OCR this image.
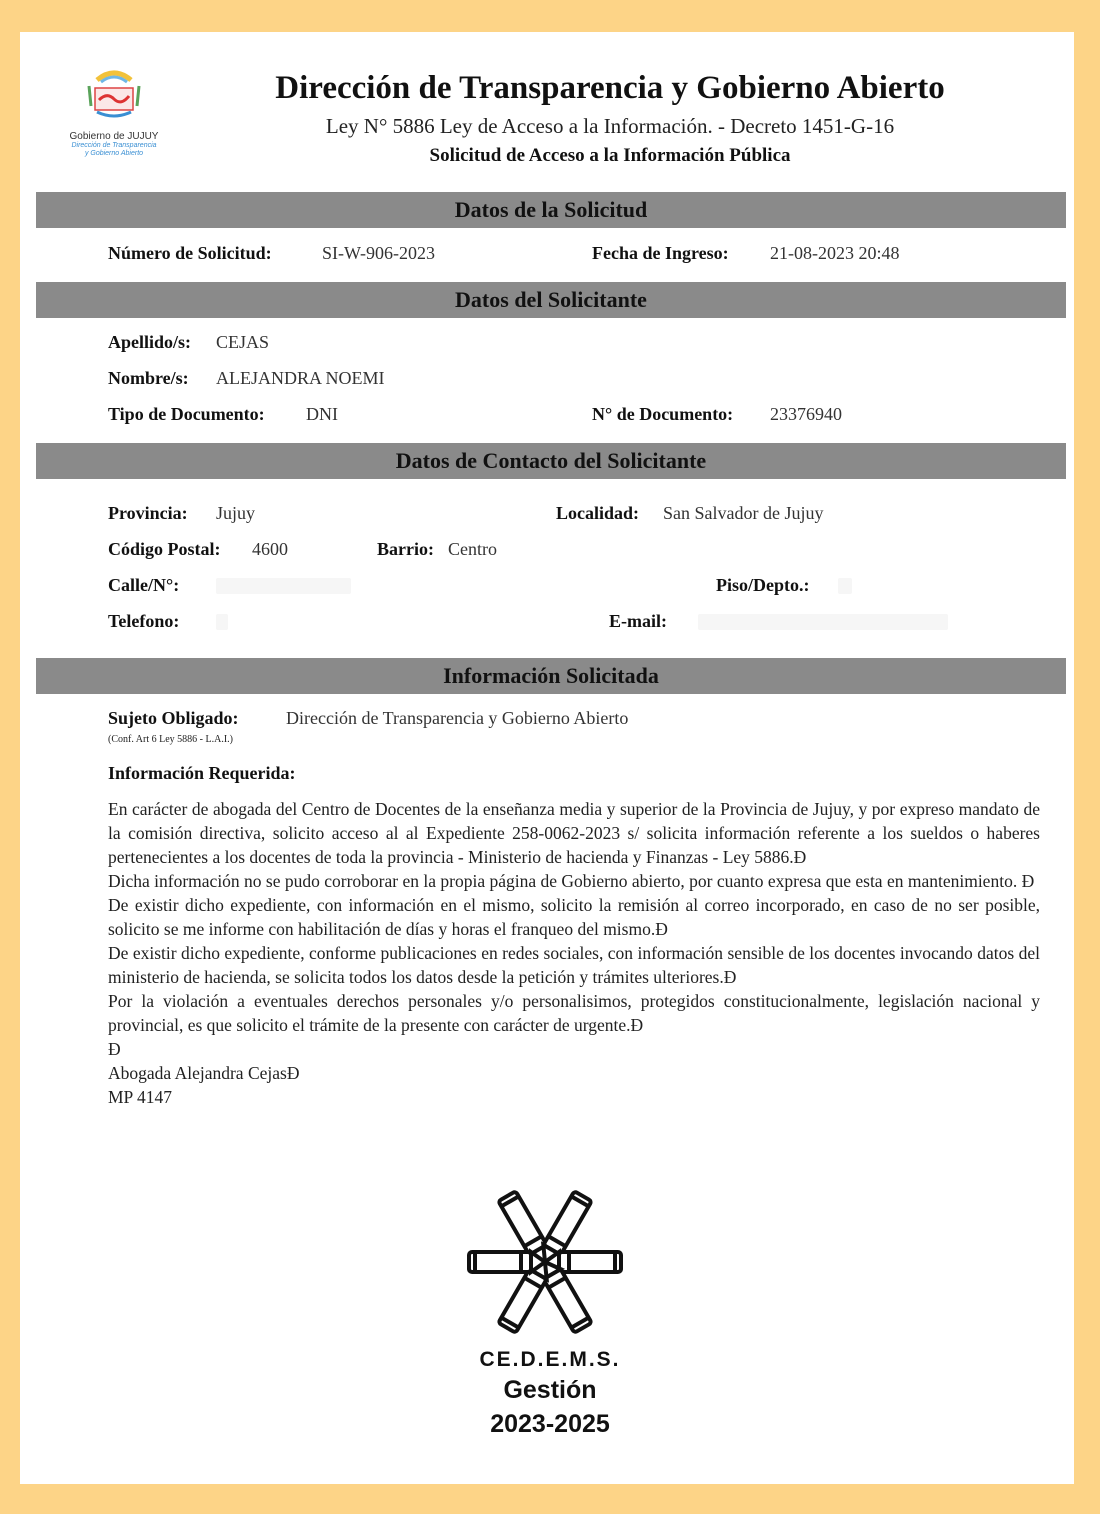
Gobierno de JUJUY
Dirección de Transparencia
y Gobierno Abierto
Dirección de Transparencia y Gobierno Abierto
Ley N° 5886 Ley de Acceso a la Información. - Decreto 1451-G-16
Solicitud de Acceso a la Información Pública
Datos de la Solicitud
Número de Solicitud:	SI-W-906-2023	Fecha de Ingreso: 21-08-2023 20:48
Datos del Solicitante
Apellido/s: CEJAS
Nombre/s: ALEJANDRA NOEMI
Tipo de Documento: DNI	N° de Documento: 23376940
Datos de Contacto del Solicitante
Provincia: Jujuy	Localidad: San Salvador de Jujuy
Código Postal: 4600	Barrio: Centro
Calle/N°:	Piso/Depto.:
Telefono:	E-mail:
Información Solicitada
Sujeto Obligado:	Dirección de Transparencia y Gobierno Abierto
(Conf. Art 6 Ley 5886 - L.A.I.)
Información Requerida:

En carácter de abogada del Centro de Docentes de la enseñanza media y superior de la Provincia de Jujuy, y por expreso mandato de la comisión directiva, solicito acceso al al Expediente 258-0062-2023 s/ solicita información referente a los sueldos o haberes pertenecientes a los docentes de toda la provincia - Ministerio de hacienda y Finanzas - Ley 5886.Ð

Dicha información no se pudo corroborar en la propia página de Gobierno abierto, por cuanto expresa que esta en mantenimiento. Ð

De existir dicho expediente, con información en el mismo, solicito la remisión al correo incorporado, en caso de no ser posible, solicito se me informe con habilitación de días y horas el franqueo del mismo.Ð

De existir dicho expediente, conforme publicaciones en redes sociales, con información sensible de los docentes invocando datos del ministerio de hacienda, se solicita todos los datos desde la petición y trámites ulteriores.Ð

Por la violación a eventuales derechos personales y/o personalisimos, protegidos constitucionalmente, legislación nacional y provincial, es que solicito el trámite de la presente con carácter de urgente.Ð

Ð

Abogada Alejandra CejasÐ

MP 4147

CE.D.E.M.S.
Gestión
2023-2025
